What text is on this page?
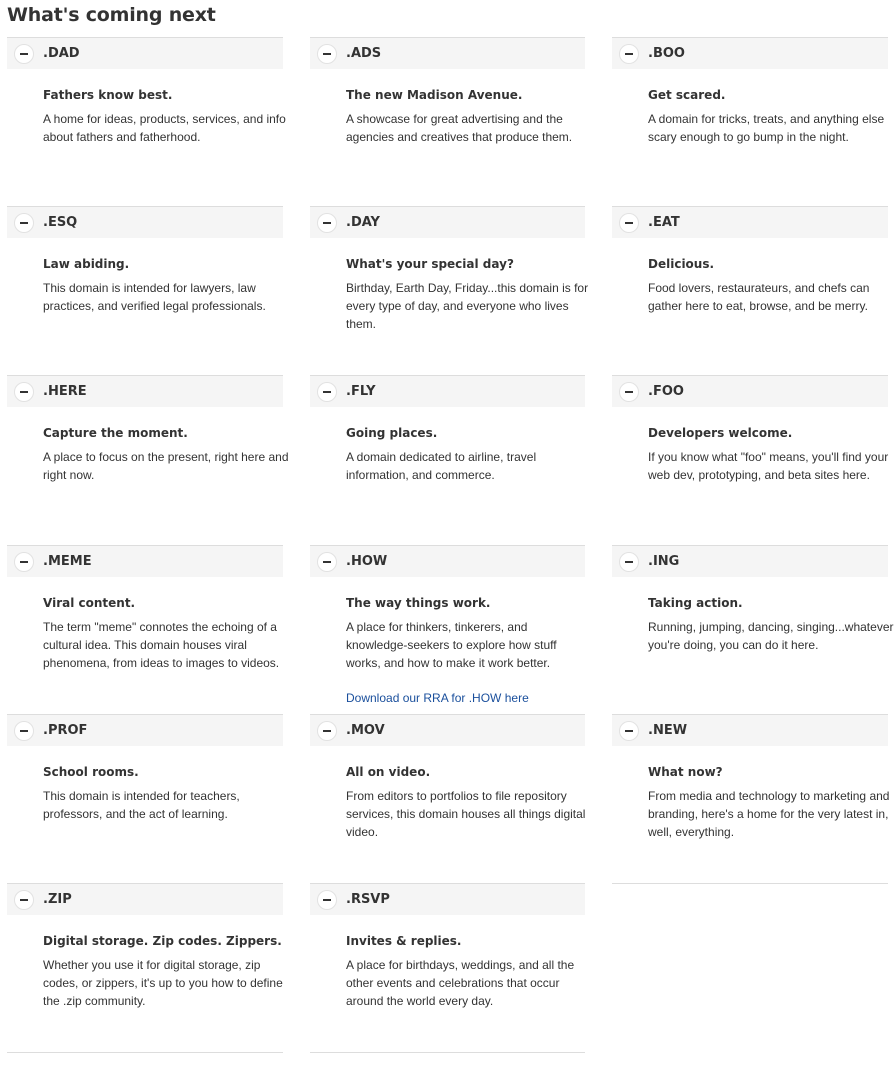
What's coming next
.DAD

Fathers know best.

A home for ideas, products, services, and info about fathers and fatherhood.

.ADS

The new Madison Avenue.

A showcase for great advertising and the agencies and creatives that produce them.

.BOO

Get scared.

A domain for tricks, treats, and anything else scary enough to go bump in the night.

.ESQ

Law abiding.

This domain is intended for lawyers, law practices, and verified legal professionals.

.DAY

What's your special day?

Birthday, Earth Day, Friday...this domain is for every type of day, and everyone who lives them.

.EAT

Delicious.

Food lovers, restaurateurs, and chefs can gather here to eat, browse, and be merry.

.HERE

Capture the moment.

A place to focus on the present, right here and right now.

.FLY

Going places.

A domain dedicated to airline, travel information, and commerce.

.FOO

Developers welcome.

If you know what "foo" means, you'll find your web dev, prototyping, and beta sites here.

.MEME

Viral content.

The term "meme" connotes the echoing of a cultural idea. This domain houses viral phenomena, from ideas to images to videos.

.HOW

The way things work.

A place for thinkers, tinkerers, and knowledge-seekers to explore how stuff works, and how to make it work better.

Download our RRA for .HOW here
.ING

Taking action.

Running, jumping, dancing, singing...whatever you're doing, you can do it here.

.PROF

School rooms.

This domain is intended for teachers, professors, and the act of learning.

.MOV

All on video.

From editors to portfolios to file repository services, this domain houses all things digital video.

.NEW

What now?

From media and technology to marketing and branding, here's a home for the very latest in, well, everything.

.ZIP

Digital storage. Zip codes. Zippers.

Whether you use it for digital storage, zip codes, or zippers, it's up to you how to define the .zip community.

.RSVP

Invites & replies.

A place for birthdays, weddings, and all the other events and celebrations that occur around the world every day.
